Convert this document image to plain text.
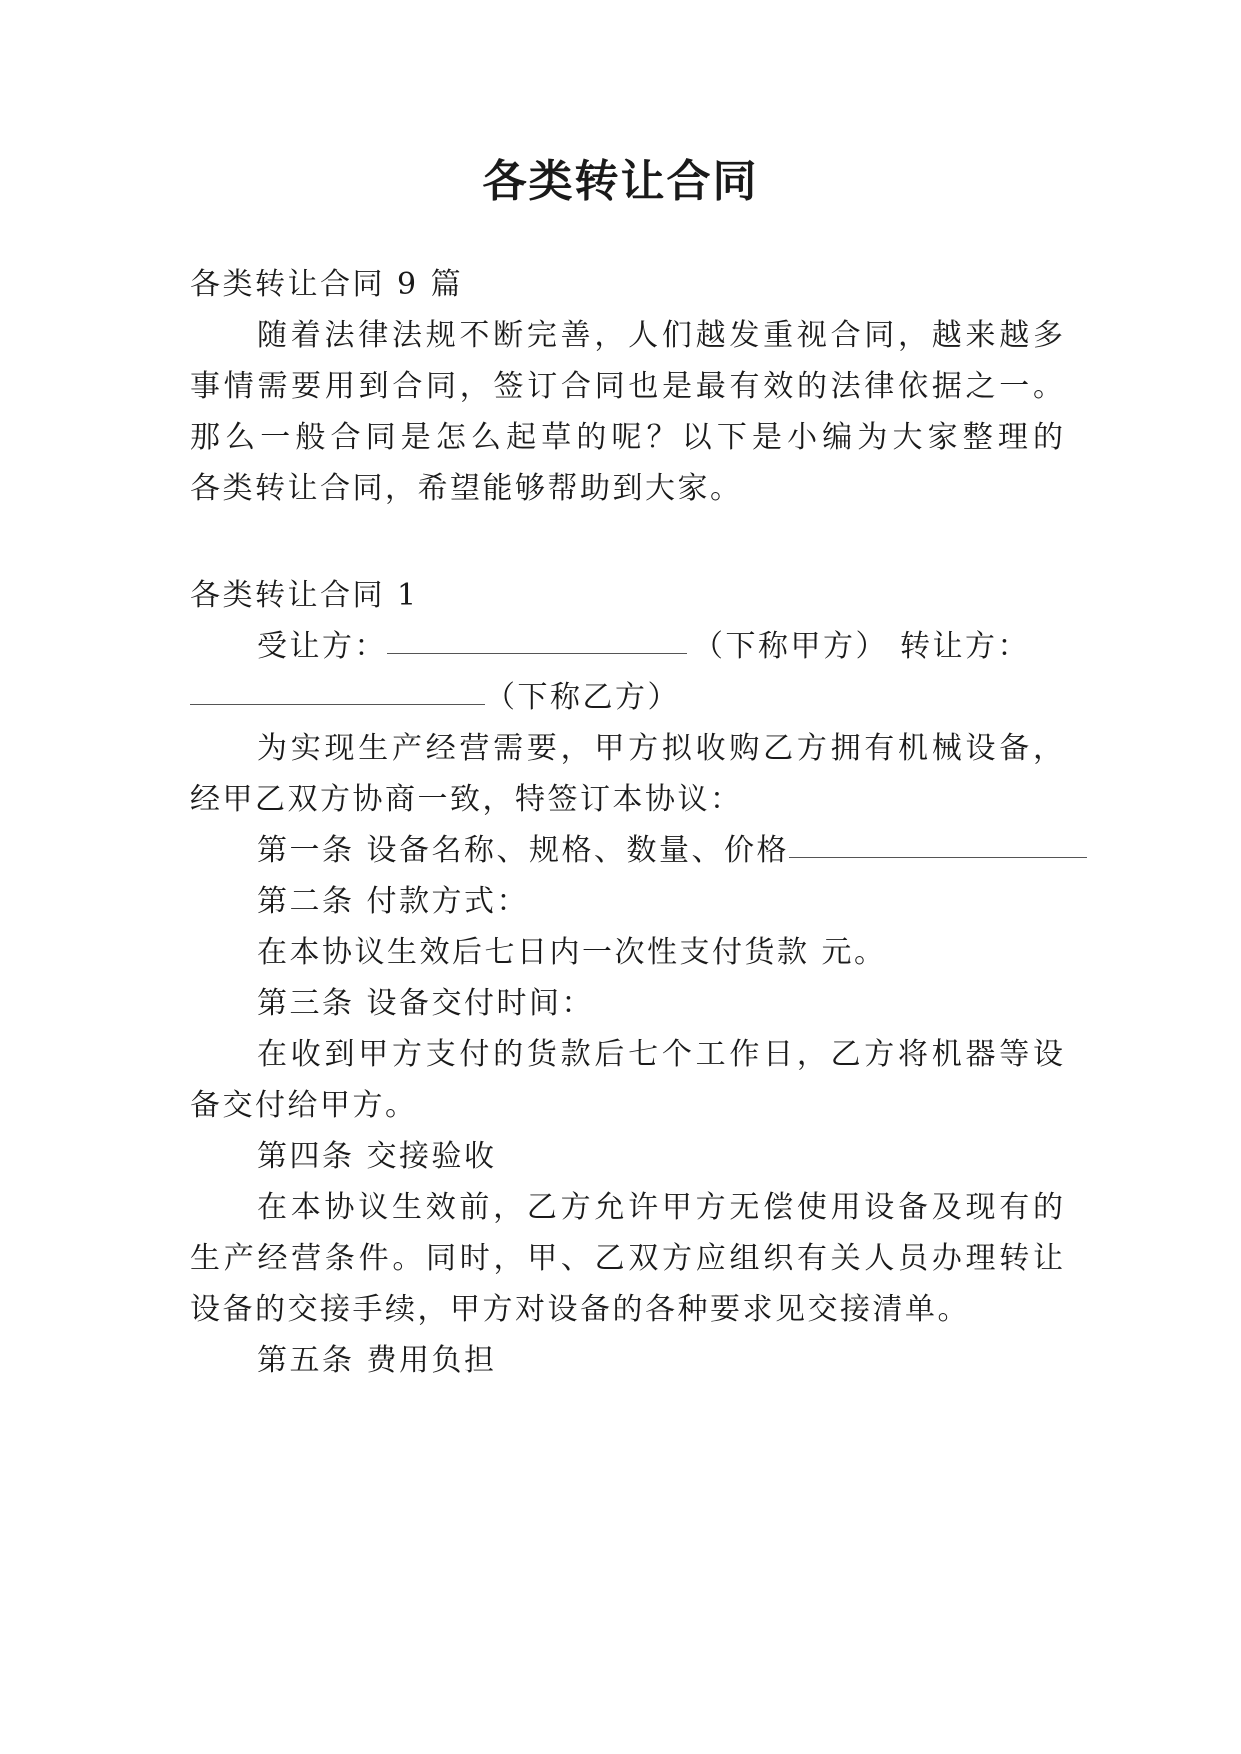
各类转让合同
各类转让合同 9 篇
随着法律法规不断完善，人们越发重视合同，越来越多
事情需要用到合同，签订合同也是最有效的法律依据之一。
那么一般合同是怎么起草的呢？以下是小编为大家整理的
各类转让合同，希望能够帮助到大家。
各类转让合同 1
受让方：	（下称甲方） 转让方：
（下称乙方）
为实现生产经营需要，甲方拟收购乙方拥有机械设备，
经甲乙双方协商一致，特签订本协议：
第一条 设备名称、规格、数量、价格
第二条 付款方式：
在本协议生效后七日内一次性支付货款 元。
第三条 设备交付时间：
在收到甲方支付的货款后七个工作日，乙方将机器等设
备交付给甲方。
第四条 交接验收
在本协议生效前，乙方允许甲方无偿使用设备及现有的
生产经营条件。同时，甲、乙双方应组织有关人员办理转让
设备的交接手续，甲方对设备的各种要求见交接清单。
第五条 费用负担
